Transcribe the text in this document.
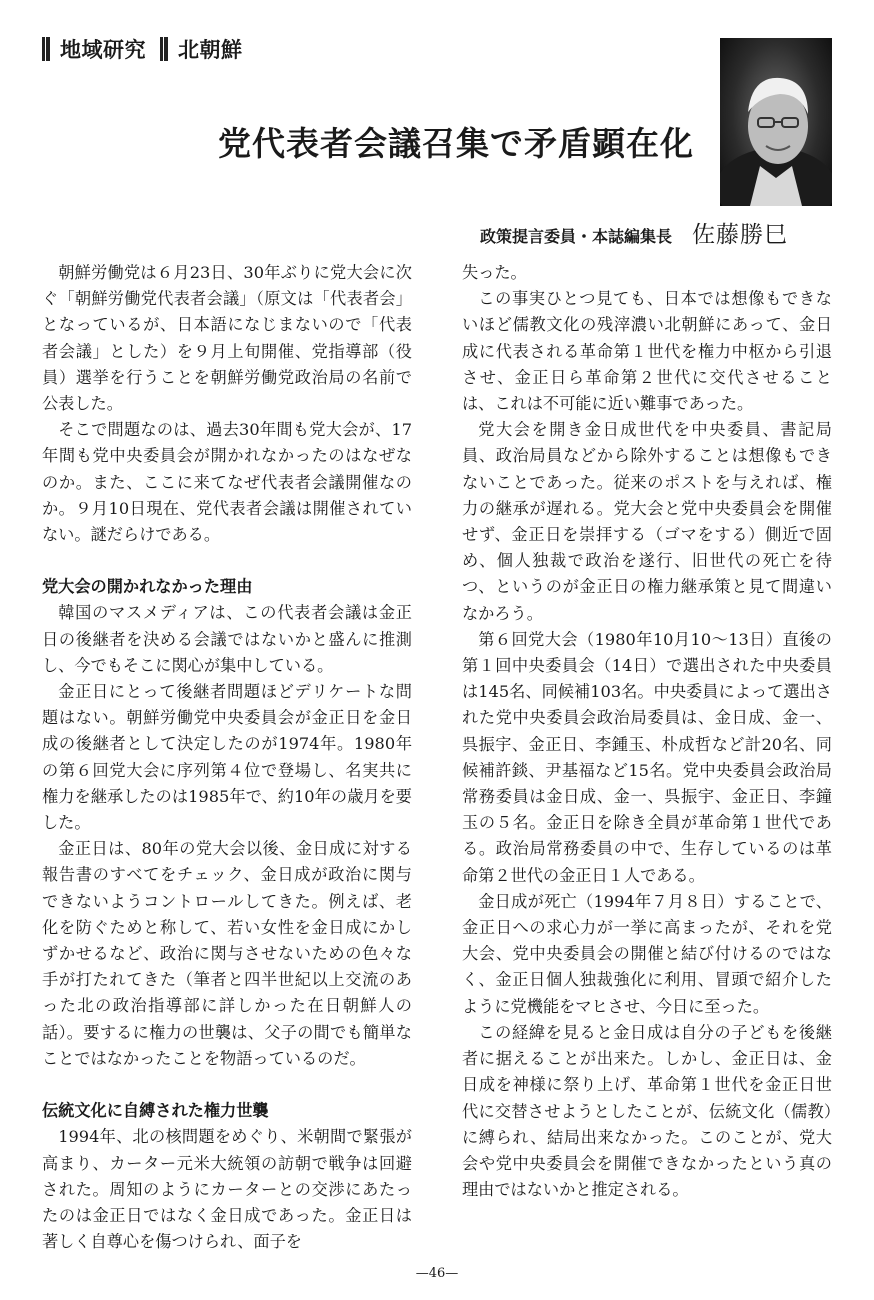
地域研究 北朝鮮
党代表者会議召集で矛盾顕在化
政策提言委員・本誌編集長 佐藤勝巳

朝鮮労働党は６月23日、30年ぶりに党大会に次ぐ「朝鮮労働党代表者会議」（原文は「代表者会」となっているが、日本語になじまないので「代表者会議」とした）を９月上旬開催、党指導部（役員）選挙を行うことを朝鮮労働党政治局の名前で公表した。

そこで問題なのは、過去30年間も党大会が、17年間も党中央委員会が開かれなかったのはなぜなのか。また、ここに来てなぜ代表者会議開催なのか。９月10日現在、党代表者会議は開催されていない。謎だらけである。

党大会の開かれなかった理由

韓国のマスメディアは、この代表者会議は金正日の後継者を決める会議ではないかと盛んに推測し、今でもそこに関心が集中している。

金正日にとって後継者問題ほどデリケートな問題はない。朝鮮労働党中央委員会が金正日を金日成の後継者として決定したのが1974年。1980年の第６回党大会に序列第４位で登場し、名実共に権力を継承したのは1985年で、約10年の歳月を要した。

金正日は、80年の党大会以後、金日成に対する報告書のすべてをチェック、金日成が政治に関与できないようコントロールしてきた。例えば、老化を防ぐためと称して、若い女性を金日成にかしずかせるなど、政治に関与させないための色々な手が打たれてきた（筆者と四半世紀以上交流のあった北の政治指導部に詳しかった在日朝鮮人の話）。要するに権力の世襲は、父子の間でも簡単なことではなかったことを物語っているのだ。

伝統文化に自縛された権力世襲

1994年、北の核問題をめぐり、米朝間で緊張が高まり、カーター元米大統領の訪朝で戦争は回避された。周知のようにカーターとの交渉にあたったのは金正日ではなく金日成であった。金正日は著しく自尊心を傷つけられ、面子を

失った。

この事実ひとつ見ても、日本では想像もできないほど儒教文化の残滓濃い北朝鮮にあって、金日成に代表される革命第１世代を権力中枢から引退させ、金正日ら革命第２世代に交代させることは、これは不可能に近い難事であった。

党大会を開き金日成世代を中央委員、書記局員、政治局員などから除外することは想像もできないことであった。従来のポストを与えれば、権力の継承が遅れる。党大会と党中央委員会を開催せず、金正日を崇拝する（ゴマをする）側近で固め、個人独裁で政治を遂行、旧世代の死亡を待つ、というのが金正日の権力継承策と見て間違いなかろう。

第６回党大会（1980年10月10〜13日）直後の第１回中央委員会（14日）で選出された中央委員は145名、同候補103名。中央委員によって選出された党中央委員会政治局委員は、金日成、金一、呉振宇、金正日、李鍾玉、朴成哲など計20名、同候補許錟、尹基福など15名。党中央委員会政治局常務委員は金日成、金一、呉振宇、金正日、李鐘玉の５名。金正日を除き全員が革命第１世代である。政治局常務委員の中で、生存しているのは革命第２世代の金正日１人である。

金日成が死亡（1994年７月８日）することで、金正日への求心力が一挙に高まったが、それを党大会、党中央委員会の開催と結び付けるのではなく、金正日個人独裁強化に利用、冒頭で紹介したように党機能をマヒさせ、今日に至った。

この経緯を見ると金日成は自分の子どもを後継者に据えることが出来た。しかし、金正日は、金日成を神様に祭り上げ、革命第１世代を金正日世代に交替させようとしたことが、伝統文化（儒教）に縛られ、結局出来なかった。このことが、党大会や党中央委員会を開催できなかったという真の理由ではないかと推定される。

—46—
